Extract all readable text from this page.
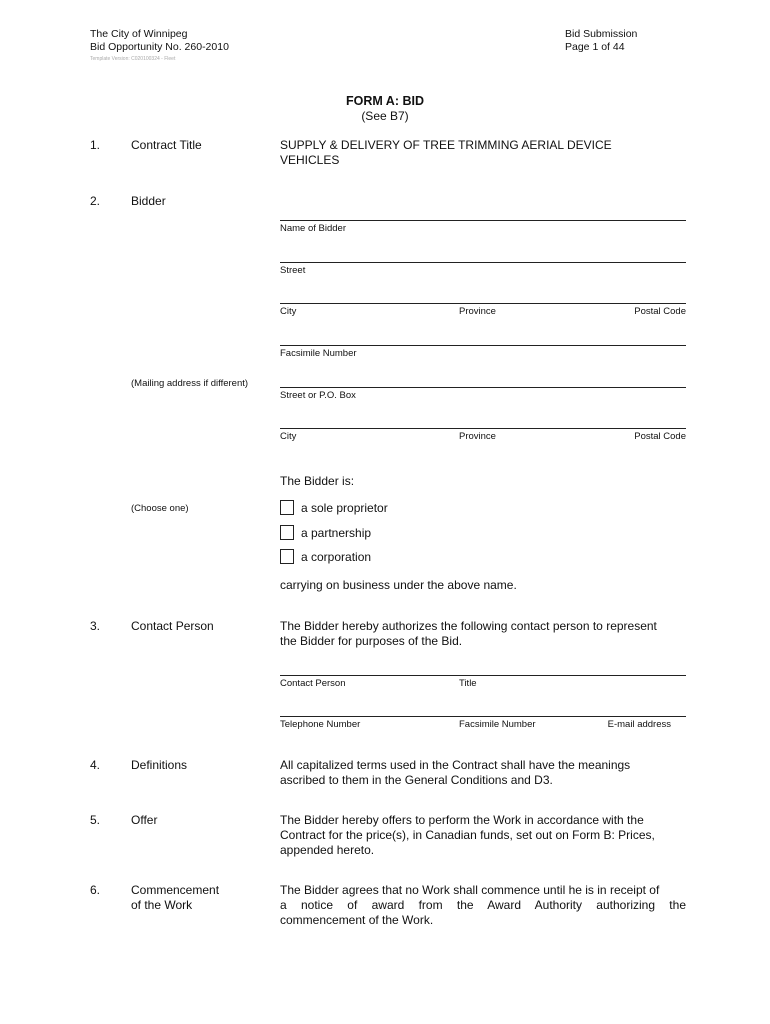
The City of Winnipeg
Bid Opportunity No. 260-2010
Template Version: C020100324 - Fleet
Bid Submission
Page 1 of 44
FORM A: BID
(See B7)
1.	Contract Title	SUPPLY & DELIVERY OF TREE TRIMMING AERIAL DEVICE
VEHICLES
2.	Bidder
Name of Bidder
Street
City	Province	Postal Code
Facsimile Number
(Mailing address if different)
Street or P.O. Box
City	Province	Postal Code
The Bidder is:
(Choose one)	a sole proprietor
a partnership
a corporation
carrying on business under the above name.
3.	Contact Person	The Bidder hereby authorizes the following contact person to represent
the Bidder for purposes of the Bid.
Contact Person	Title
Telephone Number	Facsimile Number	E-mail address
4.	Definitions	All capitalized terms used in the Contract shall have the meanings
ascribed to them in the General Conditions and D3.
5.	Offer	The Bidder hereby offers to perform the Work in accordance with the
Contract for the price(s), in Canadian funds, set out on Form B: Prices,
appended hereto.
6.	Commencement
of the Work
The Bidder agrees that no Work shall commence until he is in receipt of
a notice of award from the Award Authority authorizing the
commencement of the Work.
